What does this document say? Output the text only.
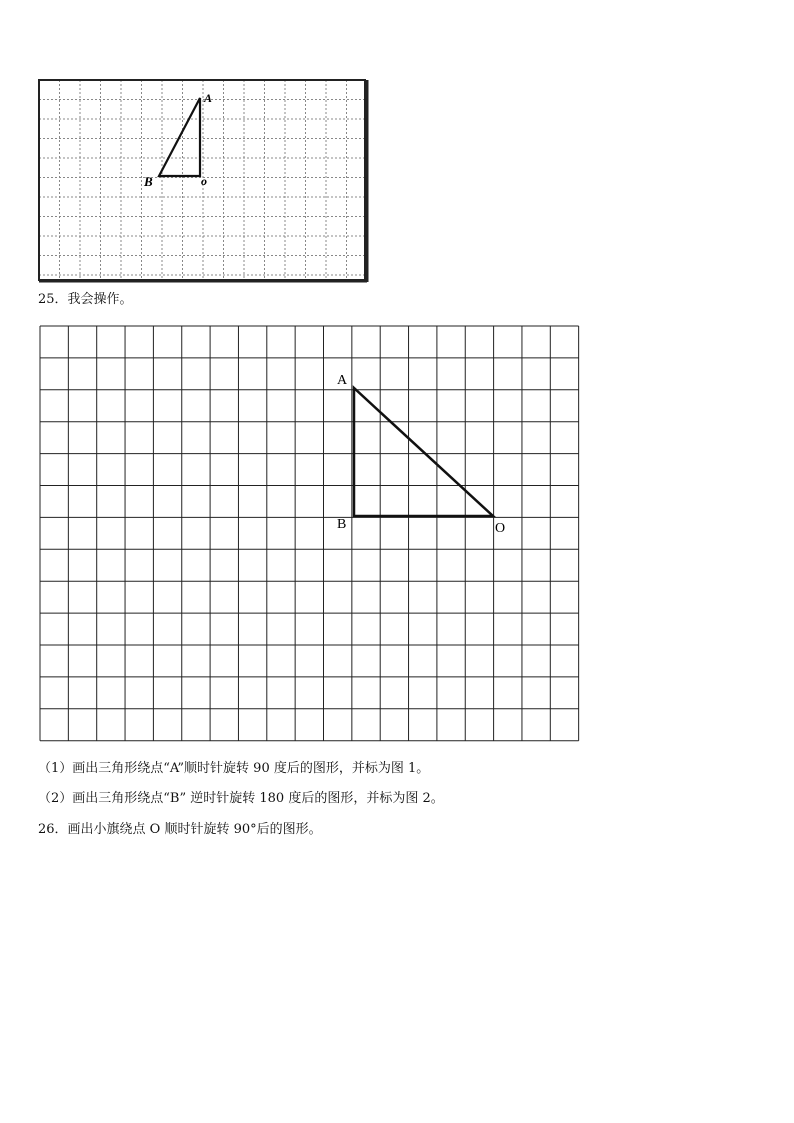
A
B	o
25．我会操作。
A
B	O
（1）画出三角形绕点“A”顺时针旋转 90 度后的图形，并标为图 1。
（2）画出三角形绕点“B” 逆时针旋转 180 度后的图形，并标为图 2。
26．画出小旗绕点 O 顺时针旋转 90°后的图形。
